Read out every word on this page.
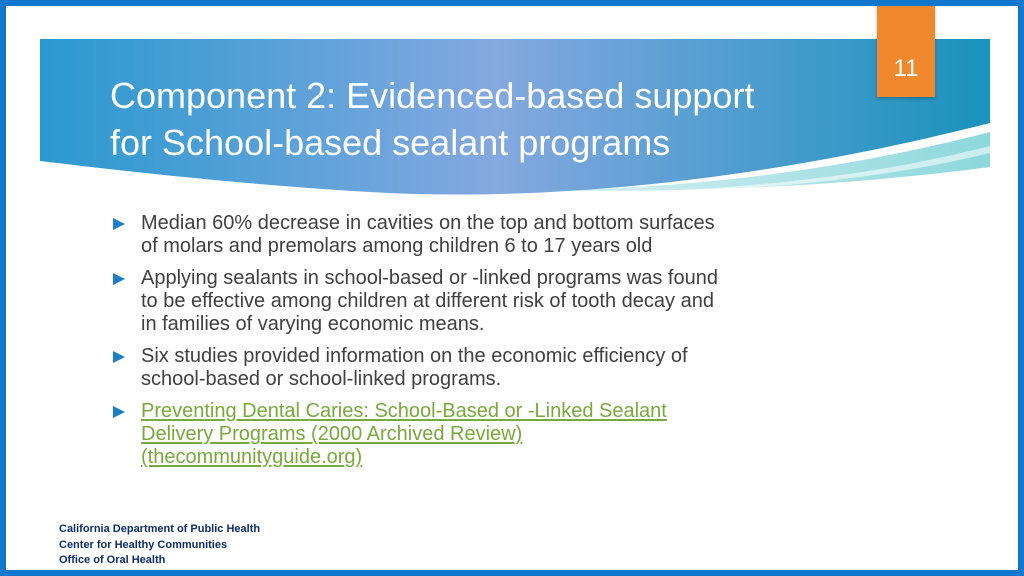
Component 2: Evidenced-based support
for School-based sealant programs
11
Median 60% decrease in cavities on the top and bottom surfaces
of molars and premolars among children 6 to 17 years old
Applying sealants in school-based or -linked programs was found
to be effective among children at different risk of tooth decay and
in families of varying economic means.
Six studies provided information on the economic efficiency of
school-based or school-linked programs.
Preventing Dental Caries: School-Based or -Linked Sealant
Delivery Programs (2000 Archived Review)
(thecommunityguide.org)
California Department of Public Health
Center for Healthy Communities
Office of Oral Health
